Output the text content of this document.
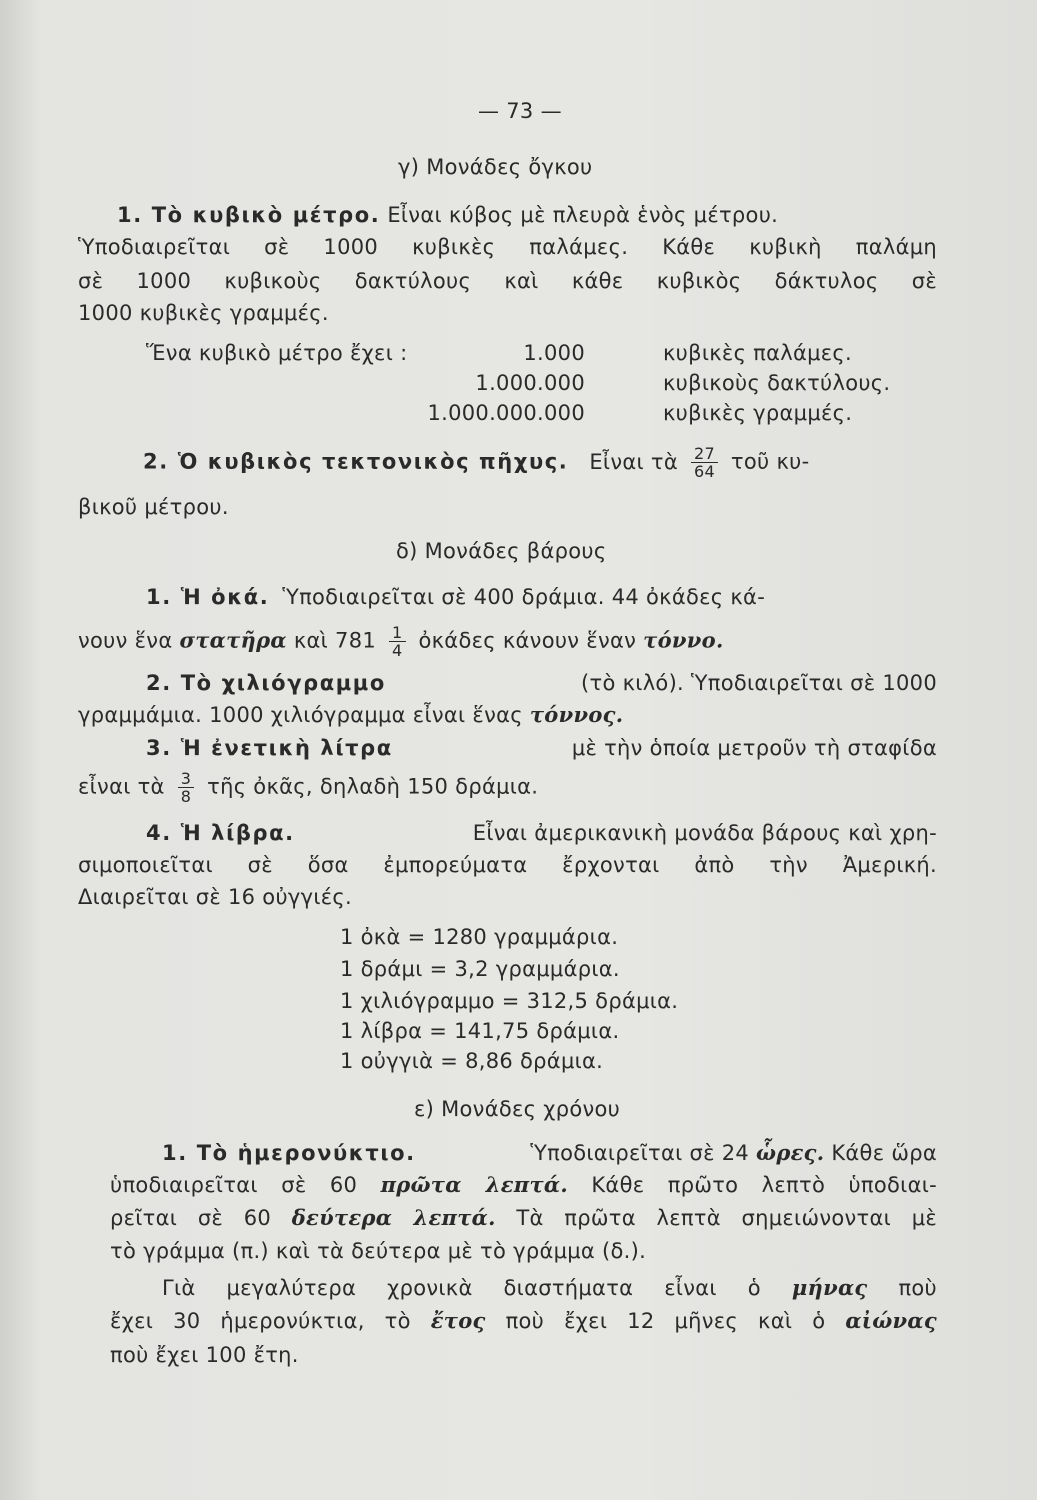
— 73 —
γ) Μονάδες ὄγκου
1. Τὸ κυβικὸ μέτρο. Εἶναι κύβος μὲ πλευρὰ ἑνὸς μέτρου.
Ὑποδιαιρεῖται σὲ 1000 κυβικὲς παλάμες. Κάθε κυβικὴ παλάμη
σὲ 1000 κυβικοὺς δακτύλους καὶ κάθε κυβικὸς δάκτυλος σὲ
1000 κυβικὲς γραμμές.
Ἕνα κυβικὸ μέτρο ἔχει :	1.000	κυβικὲς παλάμες.
1.000.000	κυβικοὺς δακτύλους.
1.000.000.000	κυβικὲς γραμμές.
2. Ὁ κυβικὸς τεκτονικὸς πῆχυς. Εἶναι τὰ $\frac{27}{64}$ τοῦ κυ-
βικοῦ μέτρου.
δ) Μονάδες βάρους
1. Ἡ ὀκά. Ὑποδιαιρεῖται σὲ 400 δράμια. 44 ὀκάδες κά-
νουν ἕνα στατῆρα καὶ $781 \frac{1}{4}$ ὀκάδες κάνουν ἕναν τόννο.
2. Τὸ χιλιόγραμμο	(τὸ κιλό). Ὑποδιαιρεῖται σὲ 1000
γραμμάμια. 1000 χιλιόγραμμα εἶναι ἕνας τόννος.
3. Ἡ ἐνετικὴ λίτρα	μὲ τὴν ὁποία μετροῦν τὴ σταφίδα
εἶναι τὰ $\frac{3}{8}$ τῆς ὀκᾶς, δηλαδὴ 150 δράμια.
4. Ἡ λίβρα.	Εἶναι ἀμερικανικὴ μονάδα βάρους καὶ χρη-
σιμοποιεῖται σὲ ὅσα ἐμπορεύματα ἔρχονται ἀπὸ τὴν Ἀμερική.
Διαιρεῖται σὲ 16 οὐγγιές.
1 ὀκὰ = 1280 γραμμάρια.
1 δράμι = 3,2 γραμμάρια.
1 χιλιόγραμμο = 312,5 δράμια.
1 λίβρα = 141,75 δράμια.
1 οὐγγιὰ = 8,86 δράμια.
ε) Μονάδες χρόνου
1. Τὸ ἡμερονύκτιο.	Ὑποδιαιρεῖται σὲ 24 ὧρες. Κάθε ὥρα
ὑποδιαιρεῖται σὲ 60 πρῶτα λεπτά. Κάθε πρῶτο λεπτὸ ὑποδιαι-
ρεῖται σὲ 60 δεύτερα λεπτά. Τὰ πρῶτα λεπτὰ σημειώνονται μὲ
τὸ γράμμα (π.) καὶ τὰ δεύτερα μὲ τὸ γράμμα (δ.).
Γιὰ μεγαλύτερα χρονικὰ διαστήματα εἶναι ὁ μήνας ποὺ
ἔχει 30 ἡμερονύκτια, τὸ ἔτος ποὺ ἔχει 12 μῆνες καὶ ὁ αἰώνας
ποὺ ἔχει 100 ἔτη.
